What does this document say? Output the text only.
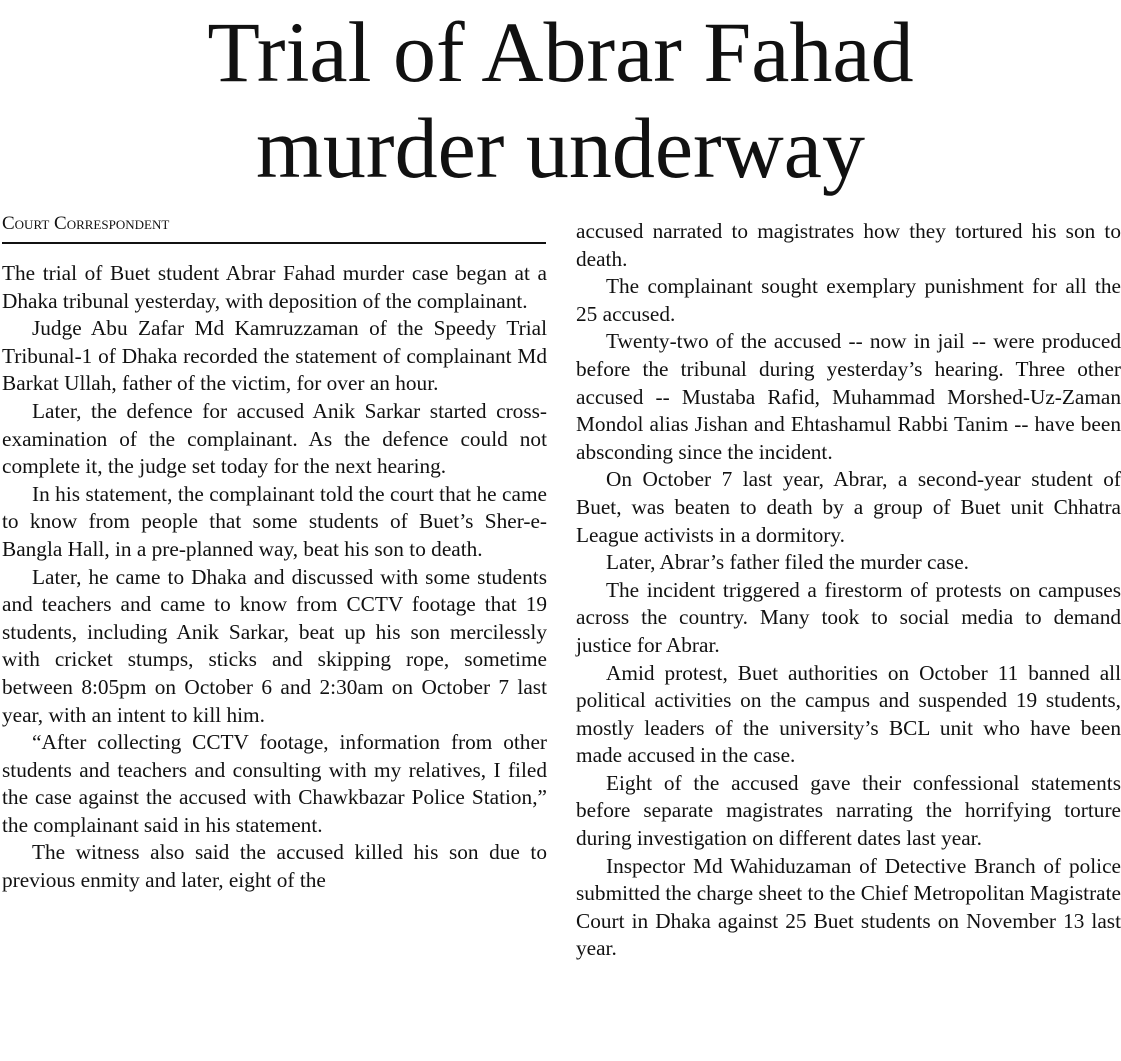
Trial of Abrar Fahad
murder underway
Court Correspondent

The trial of Buet student Abrar Fahad murder case began at a Dhaka tribunal yesterday, with deposition of the complainant.

Judge Abu Zafar Md Kamruzzaman of the Speedy Trial Tribunal-1 of Dhaka recorded the statement of complainant Md Barkat Ullah, father of the victim, for over an hour.

Later, the defence for accused Anik Sarkar started cross-examination of the complainant. As the defence could not complete it, the judge set today for the next hearing.

In his statement, the complainant told the court that he came to know from people that some students of Buet’s Sher-e-Bangla Hall, in a pre-planned way, beat his son to death.

Later, he came to Dhaka and discussed with some students and teachers and came to know from CCTV footage that 19 students, including Anik Sarkar, beat up his son mercilessly with cricket stumps, sticks and skipping rope, sometime between 8:05pm on October 6 and 2:30am on October 7 last year, with an intent to kill him.

“After collecting CCTV footage, information from other students and teachers and consulting with my relatives, I filed the case against the accused with Chawkbazar Police Station,” the complainant said in his statement.

The witness also said the accused killed his son due to previous enmity and later, eight of the

accused narrated to magistrates how they tortured his son to death.

The complainant sought exemplary punishment for all the 25 accused.

Twenty-two of the accused -- now in jail -- were produced before the tribunal during yesterday’s hearing. Three other accused -- Mustaba Rafid, Muhammad Morshed-Uz-Zaman Mondol alias Jishan and Ehtashamul Rabbi Tanim -- have been absconding since the incident.

On October 7 last year, Abrar, a second-year student of Buet, was beaten to death by a group of Buet unit Chhatra League activists in a dormitory.

Later, Abrar’s father filed the murder case.

The incident triggered a firestorm of protests on campuses across the country. Many took to social media to demand justice for Abrar.

Amid protest, Buet authorities on October 11 banned all political activities on the campus and suspended 19 students, mostly leaders of the university’s BCL unit who have been made accused in the case.

Eight of the accused gave their confessional statements before separate magistrates narrating the horrifying torture during investigation on different dates last year.

Inspector Md Wahiduzaman of Detective Branch of police submitted the charge sheet to the Chief Metropolitan Magistrate Court in Dhaka against 25 Buet students on November 13 last year.
